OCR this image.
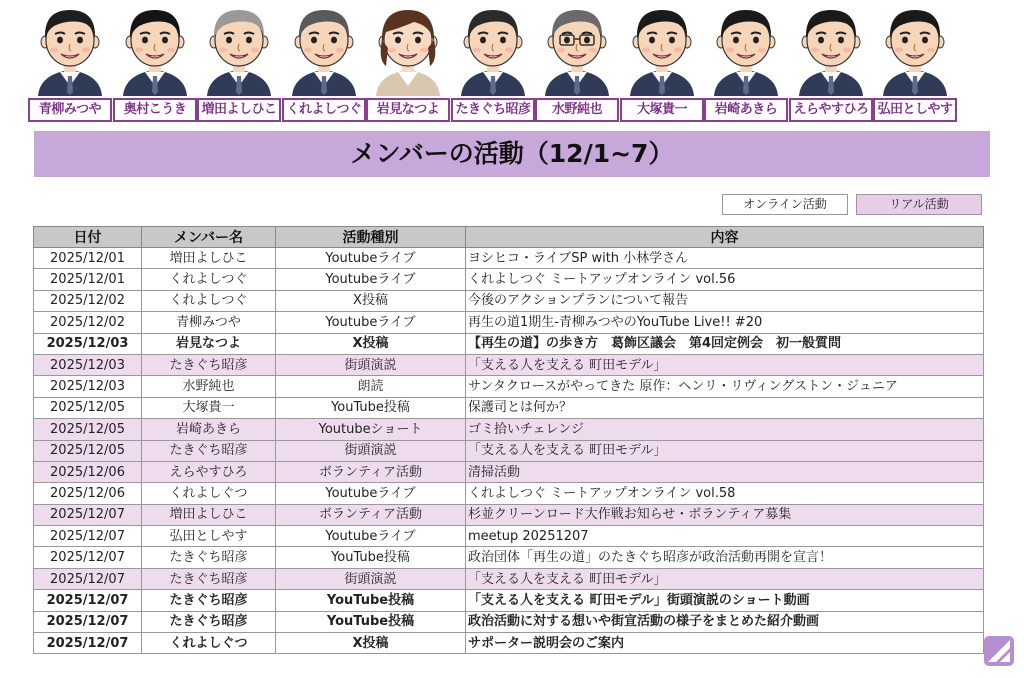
青柳みつや	奥村こうき	増田よしひこ くれよしつぐ	岩見なつよ	たきぐち昭彦	水野純也	大塚貴一	岩崎あきら	えらやすひろ 弘田としやす
メンバーの活動（12/1~7）
オンライン活動	リアル活動
日付	メンバー名	活動種別	内容
2025/12/01	増田よしひこ	Youtubeライブ	ヨシヒコ・ライブSP with 小林学さん
2025/12/01	くれよしつぐ	Youtubeライブ	くれよしつぐ ミートアップオンライン vol.56
2025/12/02	くれよしつぐ	X投稿	今後のアクションプランについて報告
2025/12/02	青柳みつや	Youtubeライブ	再生の道1期生-青柳みつやのYouTube Live!! #20
2025/12/03	岩見なつよ	X投稿	【再生の道】の歩き方　葛飾区議会　第4回定例会　初一般質問
2025/12/03	たきぐち昭彦	街頭演説	「支える人を支える 町田モデル」
2025/12/03	水野純也	朗読	サンタクロースがやってきた 原作：ヘンリ・リヴィングストン・ジュニア
2025/12/05	大塚貴一	YouTube投稿	保護司とは何か？
2025/12/05	岩崎あきら	Youtubeショート	ゴミ拾いチェレンジ
2025/12/05	たきぐち昭彦	街頭演説	「支える人を支える 町田モデル」
2025/12/06	えらやすひろ	ボランティア活動	清掃活動
2025/12/06	くれよしぐつ	Youtubeライブ	くれよしつぐ ミートアップオンライン vol.58
2025/12/07	増田よしひこ	ボランティア活動	杉並クリーンロード大作戦お知らせ・ボランティア募集
2025/12/07	弘田としやす	Youtubeライブ	meetup 20251207
2025/12/07	たきぐち昭彦	YouTube投稿	政治団体「再生の道」のたきぐち昭彦が政治活動再開を宣言！
2025/12/07	たきぐち昭彦	街頭演説	「支える人を支える 町田モデル」
2025/12/07	たきぐち昭彦	YouTube投稿	「支える人を支える 町田モデル」街頭演説のショート動画
2025/12/07	たきぐち昭彦	YouTube投稿	政治活動に対する想いや街宣活動の様子をまとめた紹介動画
2025/12/07	くれよしぐつ	X投稿	サポーター説明会のご案内
